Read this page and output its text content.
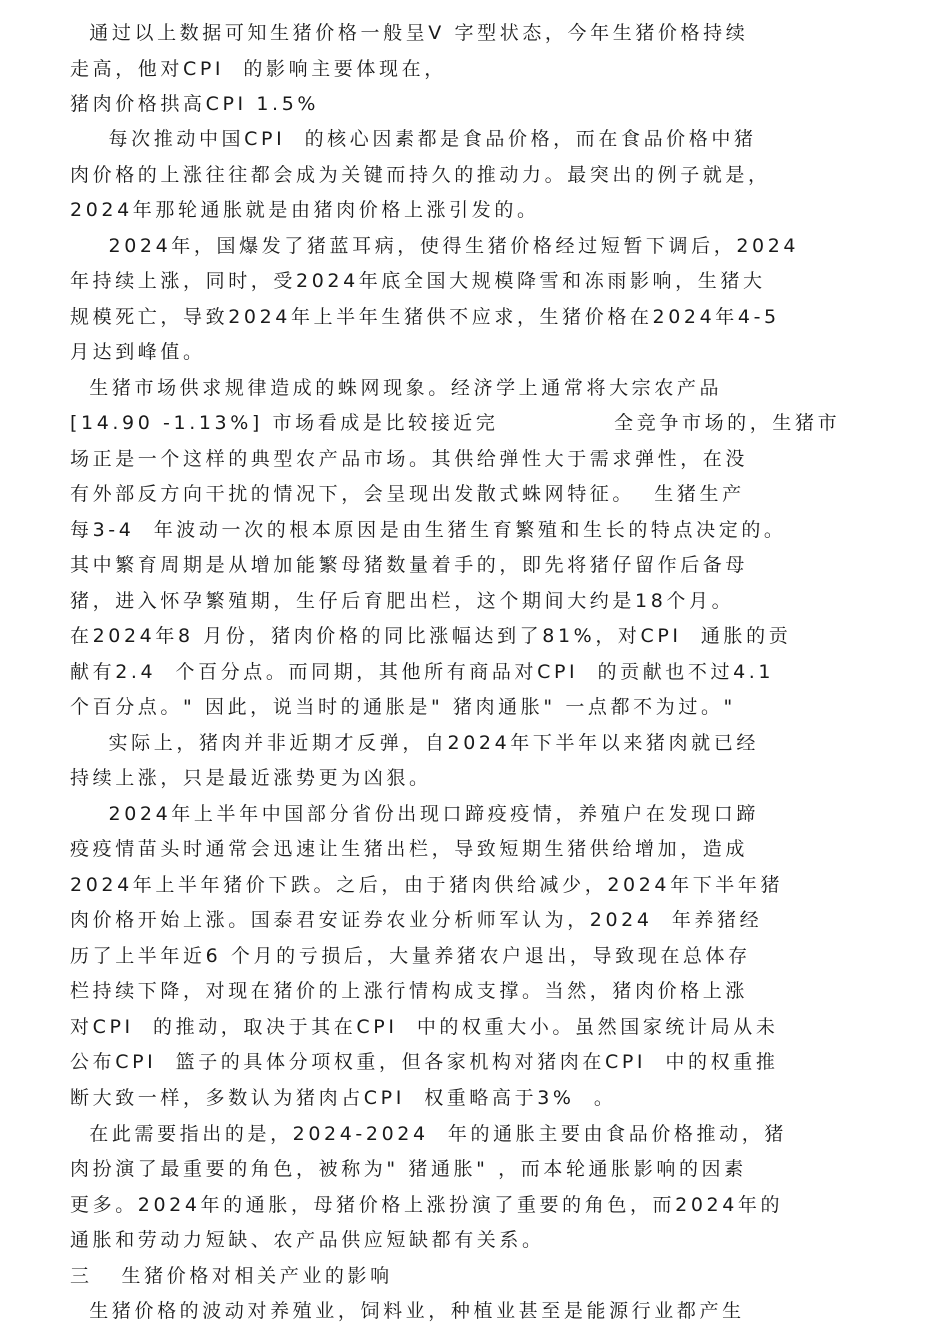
通过以上数据可知生猪价格一般呈V 字型状态，今年生猪价格持续

走高，他对CPI  的影响主要体现在，

猪肉价格拱高CPI 1.5%

每次推动中国CPI  的核心因素都是食品价格，而在食品价格中猪

肉价格的上涨往往都会成为关键而持久的推动力。最突出的例子就是，

2024年那轮通胀就是由猪肉价格上涨引发的。

2024年，国爆发了猪蓝耳病，使得生猪价格经过短暂下调后，2024

年持续上涨，同时，受2024年底全国大规模降雪和冻雨影响，生猪大

规模死亡，导致2024年上半年生猪供不应求，生猪价格在2024年4-5

月达到峰值。

生猪市场供求规律造成的蛛网现象。经济学上通常将大宗农产品

[14.90 -1.13%] 市场看成是比较接近完            全竞争市场的，生猪市

场正是一个这样的典型农产品市场。其供给弹性大于需求弹性，在没

有外部反方向干扰的情况下，会呈现出发散式蛛网特征。  生猪生产

每3-4  年波动一次的根本原因是由生猪生育繁殖和生长的特点决定的。

其中繁育周期是从增加能繁母猪数量着手的，即先将猪仔留作后备母

猪，进入怀孕繁殖期，生仔后育肥出栏，这个期间大约是18个月。

在2024年8 月份，猪肉价格的同比涨幅达到了81%，对CPI  通胀的贡

献有2.4  个百分点。而同期，其他所有商品对CPI  的贡献也不过4.1

个百分点。" 因此，说当时的通胀是" 猪肉通胀" 一点都不为过。"

实际上，猪肉并非近期才反弹，自2024年下半年以来猪肉就已经

持续上涨，只是最近涨势更为凶狠。

2024年上半年中国部分省份出现口蹄疫疫情，养殖户在发现口蹄

疫疫情苗头时通常会迅速让生猪出栏，导致短期生猪供给增加，造成

2024年上半年猪价下跌。之后，由于猪肉供给减少，2024年下半年猪

肉价格开始上涨。国泰君安证券农业分析师军认为，2024  年养猪经

历了上半年近6 个月的亏损后，大量养猪农户退出，导致现在总体存

栏持续下降，对现在猪价的上涨行情构成支撑。当然，猪肉价格上涨

对CPI  的推动，取决于其在CPI  中的权重大小。虽然国家统计局从未

公布CPI  篮子的具体分项权重，但各家机构对猪肉在CPI  中的权重推

断大致一样，多数认为猪肉占CPI  权重略高于3%  。

在此需要指出的是，2024-2024  年的通胀主要由食品价格推动，猪

肉扮演了最重要的角色，被称为" 猪通胀" ，而本轮通胀影响的因素

更多。2024年的通胀，母猪价格上涨扮演了重要的角色，而2024年的

通胀和劳动力短缺、农产品供应短缺都有关系。

三   生猪价格对相关产业的影响

生猪价格的波动对养殖业，饲料业，种植业甚至是能源行业都产生
